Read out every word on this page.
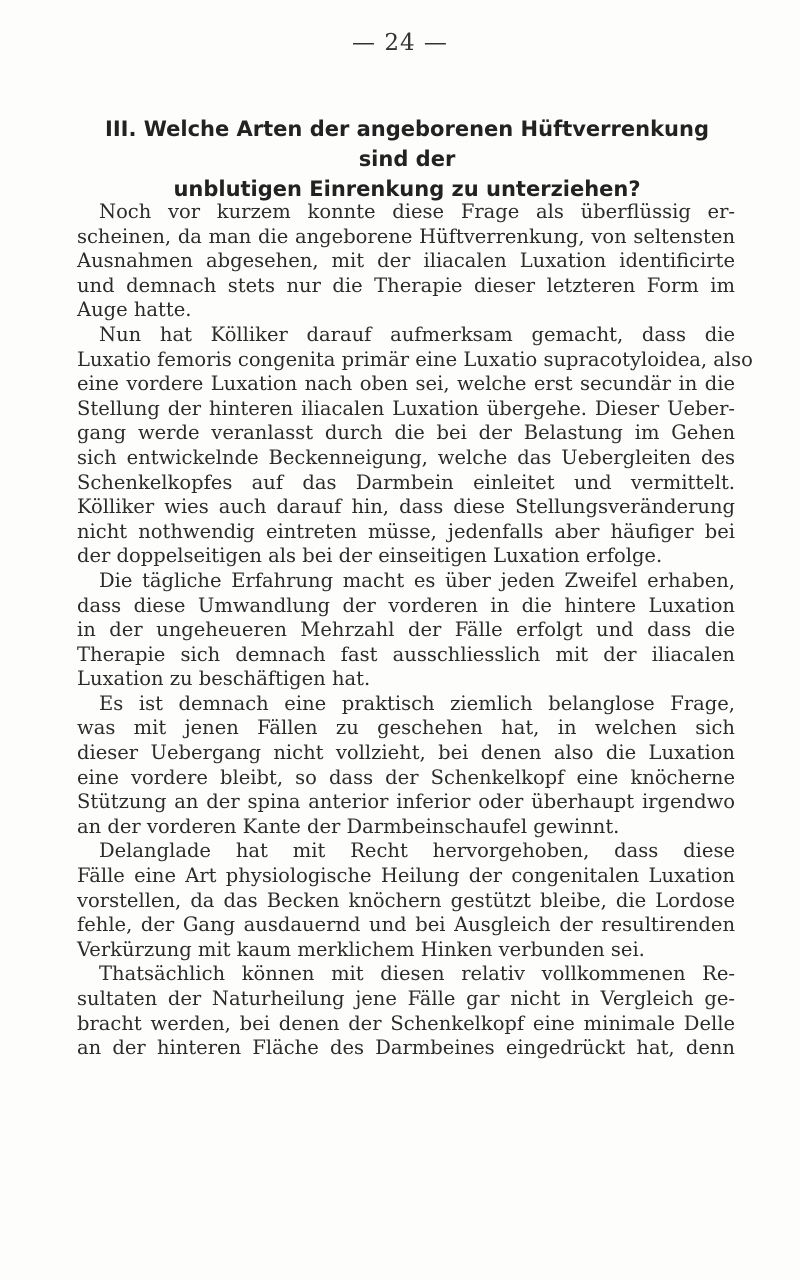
— 24 —
III. Welche Arten der angeborenen Hüftverrenkung sind der
unblutigen Einrenkung zu unterziehen?
Noch vor kurzem konnte diese Frage als überflüssig er-
scheinen, da man die angeborene Hüftverrenkung, von seltensten
Ausnahmen abgesehen, mit der iliacalen Luxation identificirte
und demnach stets nur die Therapie dieser letzteren Form im
Auge hatte.
Nun hat Kölliker darauf aufmerksam gemacht, dass die
Luxatio femoris congenita primär eine Luxatio supracotyloidea, also
eine vordere Luxation nach oben sei, welche erst secundär in die
Stellung der hinteren iliacalen Luxation übergehe. Dieser Ueber-
gang werde veranlasst durch die bei der Belastung im Gehen
sich entwickelnde Beckenneigung, welche das Uebergleiten des
Schenkelkopfes auf das Darmbein einleitet und vermittelt.
Kölliker wies auch darauf hin, dass diese Stellungsveränderung
nicht nothwendig eintreten müsse, jedenfalls aber häufiger bei
der doppelseitigen als bei der einseitigen Luxation erfolge.
Die tägliche Erfahrung macht es über jeden Zweifel erhaben,
dass diese Umwandlung der vorderen in die hintere Luxation
in der ungeheueren Mehrzahl der Fälle erfolgt und dass die
Therapie sich demnach fast ausschliesslich mit der iliacalen
Luxation zu beschäftigen hat.
Es ist demnach eine praktisch ziemlich belanglose Frage,
was mit jenen Fällen zu geschehen hat, in welchen sich
dieser Uebergang nicht vollzieht, bei denen also die Luxation
eine vordere bleibt, so dass der Schenkelkopf eine knöcherne
Stützung an der spina anterior inferior oder überhaupt irgendwo
an der vorderen Kante der Darmbeinschaufel gewinnt.
Delanglade hat mit Recht hervorgehoben, dass diese
Fälle eine Art physiologische Heilung der congenitalen Luxation
vorstellen, da das Becken knöchern gestützt bleibe, die Lordose
fehle, der Gang ausdauernd und bei Ausgleich der resultirenden
Verkürzung mit kaum merklichem Hinken verbunden sei.
Thatsächlich können mit diesen relativ vollkommenen Re-
sultaten der Naturheilung jene Fälle gar nicht in Vergleich ge-
bracht werden, bei denen der Schenkelkopf eine minimale Delle
an der hinteren Fläche des Darmbeines eingedrückt hat, denn
